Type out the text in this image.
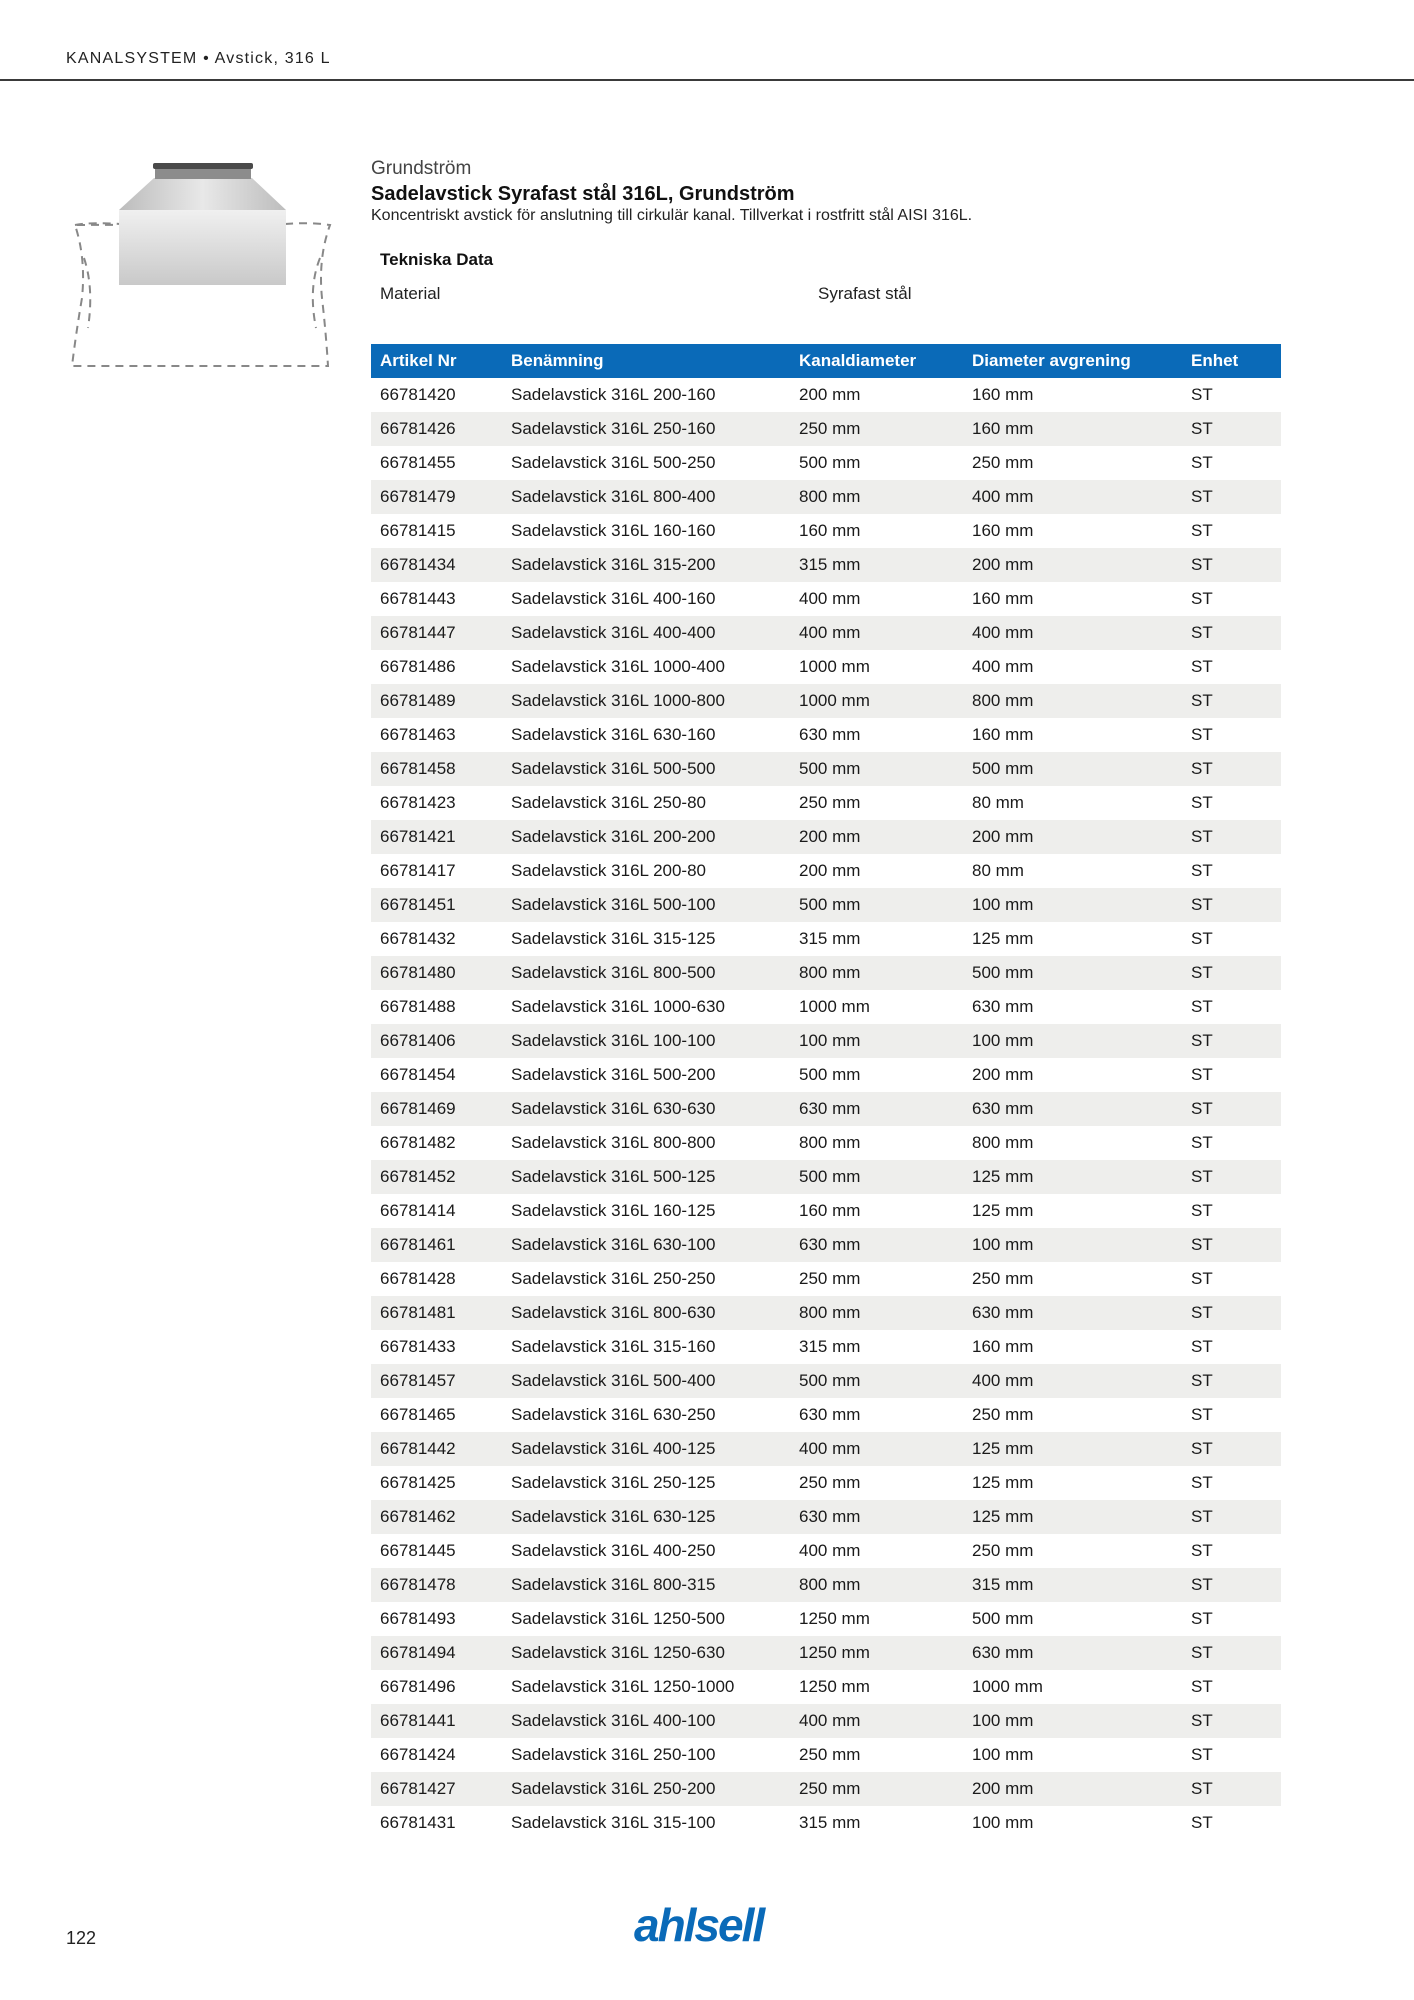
KANALSYSTEM • Avstick, 316 L
Grundström
Sadelavstick Syrafast stål 316L, Grundström
Koncentriskt avstick för anslutning till cirkulär kanal. Tillverkat i rostfritt stål AISI 316L.
Tekniska Data
Material	Syrafast stål
Artikel Nr	Benämning	Kanaldiameter	Diameter avgrening	Enhet
66781420	Sadelavstick 316L 200-160	200 mm	160 mm	ST
66781426	Sadelavstick 316L 250-160	250 mm	160 mm	ST
66781455	Sadelavstick 316L 500-250	500 mm	250 mm	ST
66781479	Sadelavstick 316L 800-400	800 mm	400 mm	ST
66781415	Sadelavstick 316L 160-160	160 mm	160 mm	ST
66781434	Sadelavstick 316L 315-200	315 mm	200 mm	ST
66781443	Sadelavstick 316L 400-160	400 mm	160 mm	ST
66781447	Sadelavstick 316L 400-400	400 mm	400 mm	ST
66781486	Sadelavstick 316L 1000-400	1000 mm	400 mm	ST
66781489	Sadelavstick 316L 1000-800	1000 mm	800 mm	ST
66781463	Sadelavstick 316L 630-160	630 mm	160 mm	ST
66781458	Sadelavstick 316L 500-500	500 mm	500 mm	ST
66781423	Sadelavstick 316L 250-80	250 mm	80 mm	ST
66781421	Sadelavstick 316L 200-200	200 mm	200 mm	ST
66781417	Sadelavstick 316L 200-80	200 mm	80 mm	ST
66781451	Sadelavstick 316L 500-100	500 mm	100 mm	ST
66781432	Sadelavstick 316L 315-125	315 mm	125 mm	ST
66781480	Sadelavstick 316L 800-500	800 mm	500 mm	ST
66781488	Sadelavstick 316L 1000-630	1000 mm	630 mm	ST
66781406	Sadelavstick 316L 100-100	100 mm	100 mm	ST
66781454	Sadelavstick 316L 500-200	500 mm	200 mm	ST
66781469	Sadelavstick 316L 630-630	630 mm	630 mm	ST
66781482	Sadelavstick 316L 800-800	800 mm	800 mm	ST
66781452	Sadelavstick 316L 500-125	500 mm	125 mm	ST
66781414	Sadelavstick 316L 160-125	160 mm	125 mm	ST
66781461	Sadelavstick 316L 630-100	630 mm	100 mm	ST
66781428	Sadelavstick 316L 250-250	250 mm	250 mm	ST
66781481	Sadelavstick 316L 800-630	800 mm	630 mm	ST
66781433	Sadelavstick 316L 315-160	315 mm	160 mm	ST
66781457	Sadelavstick 316L 500-400	500 mm	400 mm	ST
66781465	Sadelavstick 316L 630-250	630 mm	250 mm	ST
66781442	Sadelavstick 316L 400-125	400 mm	125 mm	ST
66781425	Sadelavstick 316L 250-125	250 mm	125 mm	ST
66781462	Sadelavstick 316L 630-125	630 mm	125 mm	ST
66781445	Sadelavstick 316L 400-250	400 mm	250 mm	ST
66781478	Sadelavstick 316L 800-315	800 mm	315 mm	ST
66781493	Sadelavstick 316L 1250-500	1250 mm	500 mm	ST
66781494	Sadelavstick 316L 1250-630	1250 mm	630 mm	ST
66781496	Sadelavstick 316L 1250-1000	1250 mm	1000 mm	ST
66781441	Sadelavstick 316L 400-100	400 mm	100 mm	ST
66781424	Sadelavstick 316L 250-100	250 mm	100 mm	ST
66781427	Sadelavstick 316L 250-200	250 mm	200 mm	ST
66781431	Sadelavstick 316L 315-100	315 mm	100 mm	ST
122	ahlsell
